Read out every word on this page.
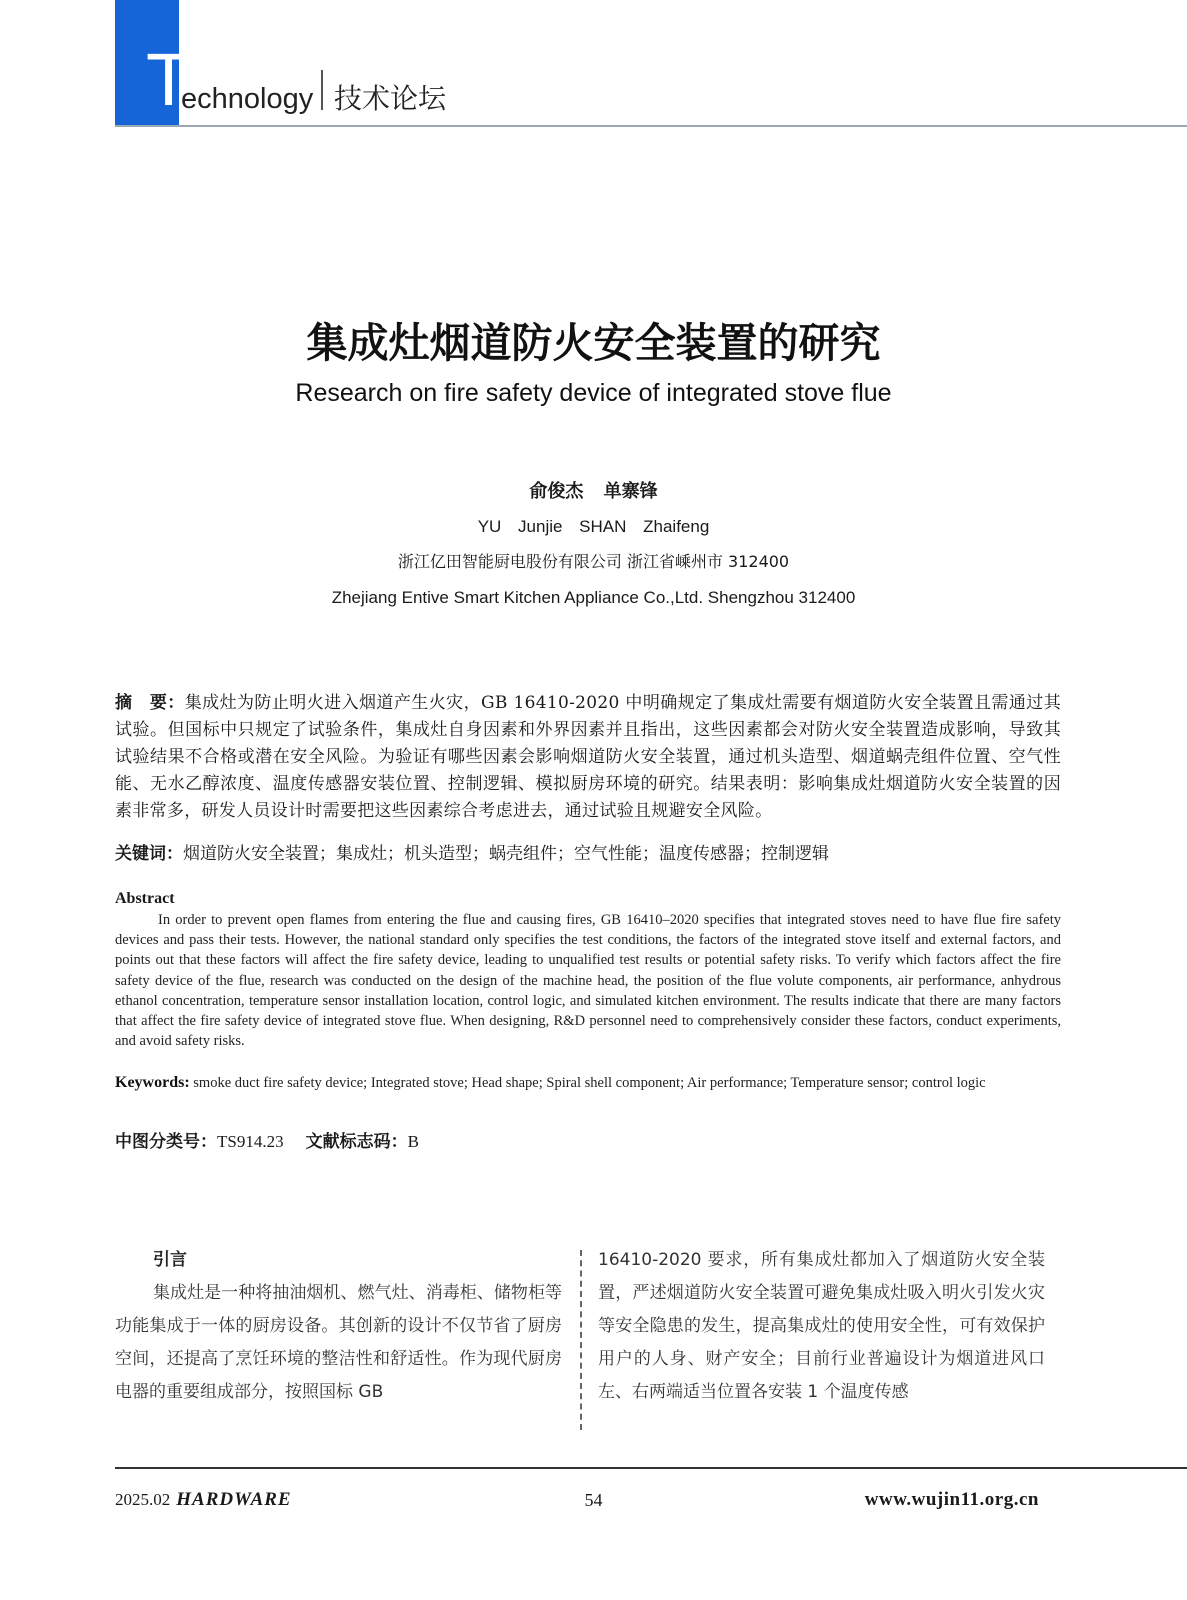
T
echnology 技术论坛
集成灶烟道防火安全装置的研究
Research on fire safety device of integrated stove flue
俞俊杰 单寨锋
YU Junjie SHAN Zhaifeng
浙江亿田智能厨电股份有限公司 浙江省嵊州市 312400
Zhejiang Entive Smart Kitchen Appliance Co.,Ltd. Shengzhou 312400
摘　要：集成灶为防止明火进入烟道产生火灾，GB 16410-2020 中明确规定了集成灶需要有烟道防火安全装置且需通过其试验。但国标中只规定了试验条件，集成灶自身因素和外界因素并且指出，这些因素都会对防火安全装置造成影响，导致其试验结果不合格或潜在安全风险。为验证有哪些因素会影响烟道防火安全装置，通过机头造型、烟道蜗壳组件位置、空气性能、无水乙醇浓度、温度传感器安装位置、控制逻辑、模拟厨房环境的研究。结果表明：影响集成灶烟道防火安全装置的因素非常多，研发人员设计时需要把这些因素综合考虑进去，通过试验且规避安全风险。
关键词：烟道防火安全装置；集成灶；机头造型；蜗壳组件；空气性能；温度传感器；控制逻辑
Abstract
In order to prevent open flames from entering the flue and causing fires, GB 16410–2020 specifies that integrated stoves need to have flue fire safety devices and pass their tests. However, the national standard only specifies the test conditions, the factors of the integrated stove itself and external factors, and points out that these factors will affect the fire safety device, leading to unqualified test results or potential safety risks. To verify which factors affect the fire safety device of the flue, research was conducted on the design of the machine head, the position of the flue volute components, air performance, anhydrous ethanol concentration, temperature sensor installation location, control logic, and simulated kitchen environment. The results indicate that there are many factors that affect the fire safety device of integrated stove flue. When designing, R&D personnel need to comprehensively consider these factors, conduct experiments, and avoid safety risks.
Keywords: smoke duct fire safety device; Integrated stove; Head shape; Spiral shell component; Air performance; Temperature sensor; control logic
中图分类号：TS914.23 文献标志码：B
引言
集成灶是一种将抽油烟机、燃气灶、消毒柜、储物柜等功能集成于一体的厨房设备。其创新的设计不仅节省了厨房空间，还提高了烹饪环境的整洁性和舒适性。作为现代厨房电器的重要组成部分，按照国标 GB
16410-2020 要求，所有集成灶都加入了烟道防火安全装置，严述烟道防火安全装置可避免集成灶吸入明火引发火灾等安全隐患的发生，提高集成灶的使用安全性，可有效保护用户的人身、财产安全；目前行业普遍设计为烟道进风口左、右两端适当位置各安装 1 个温度传感
2025.02 HARDWARE	54	www.wujin11.org.cn
